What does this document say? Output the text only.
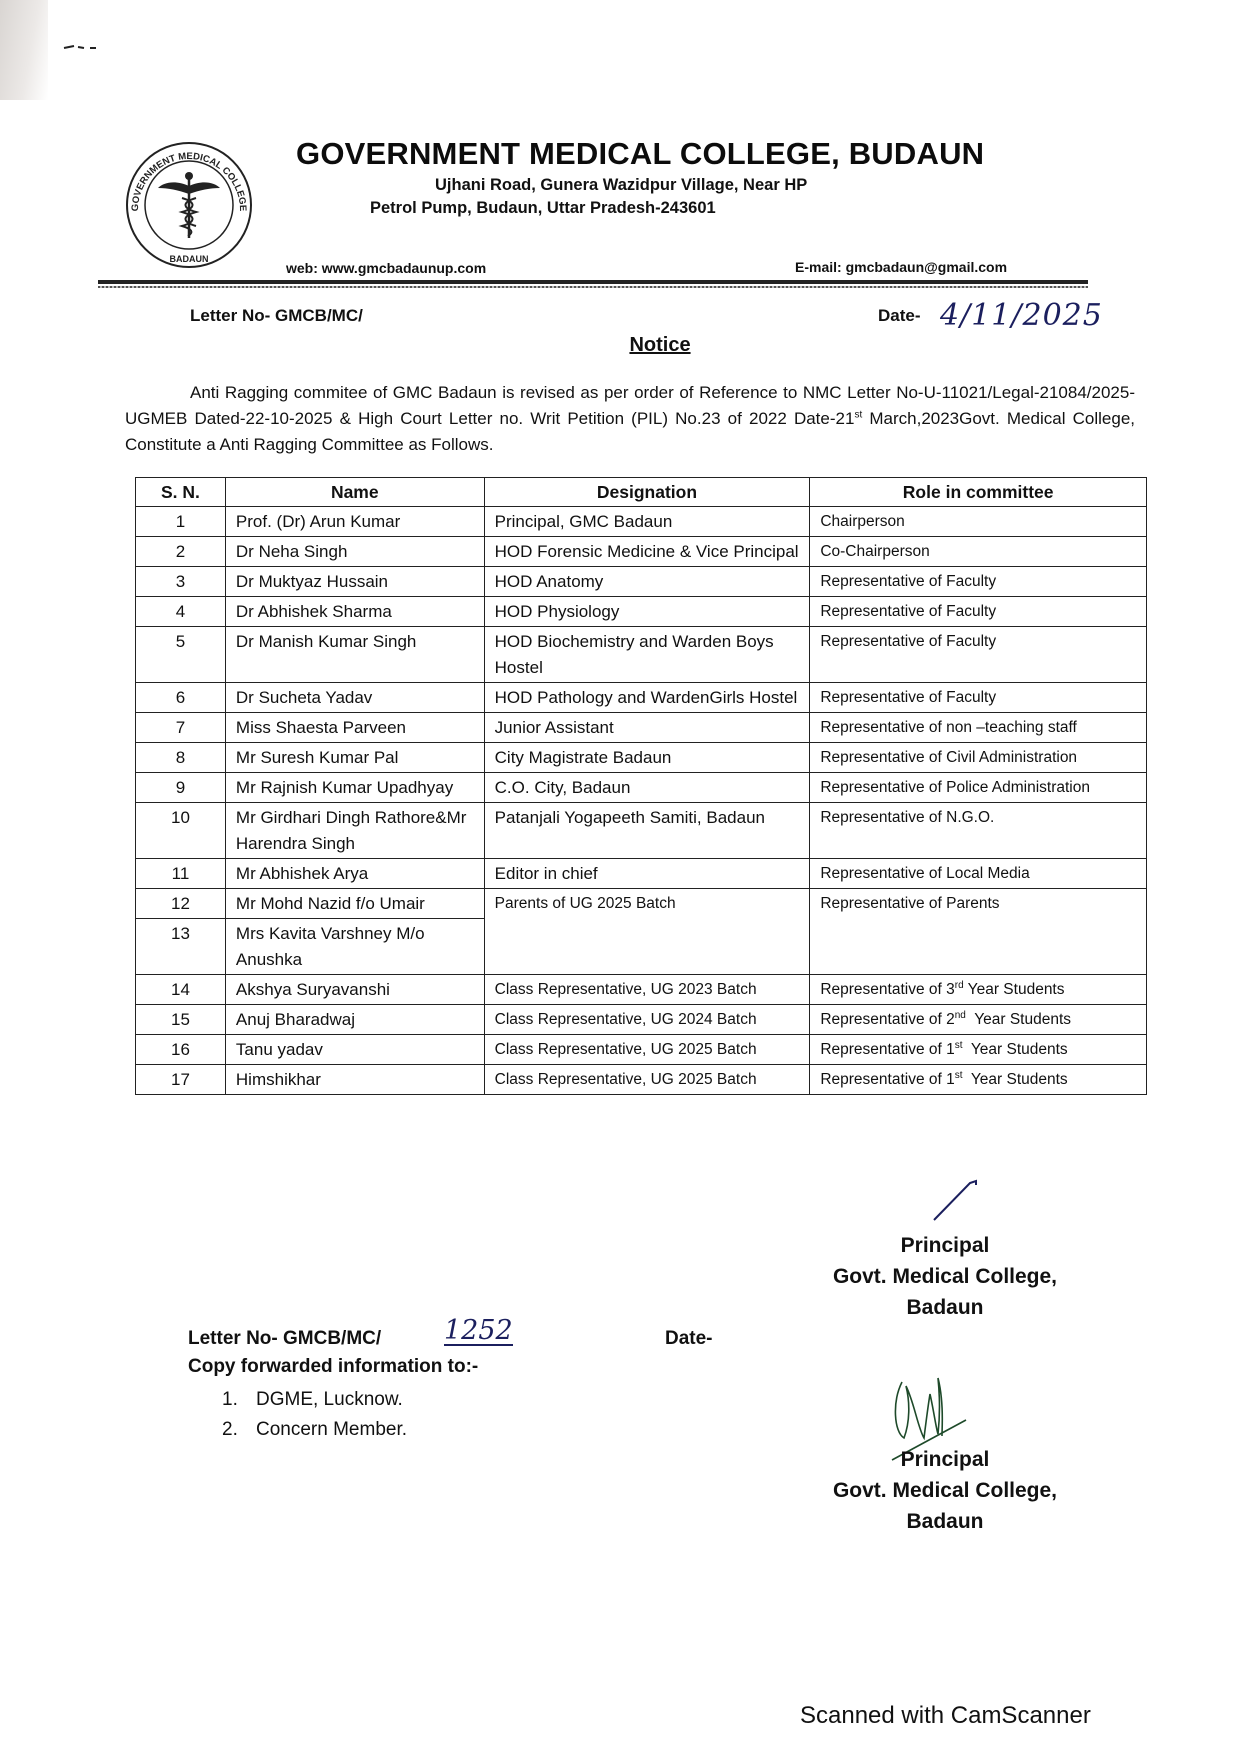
GOVERNMENT MEDICAL COLLEGE
BADAUN
GOVERNMENT MEDICAL COLLEGE, BUDAUN
Ujhani Road, Gunera Wazidpur Village, Near HP
Petrol Pump, Budaun, Uttar Pradesh-243601
web: www.gmcbadaunup.com	E-mail: gmcbadaun@gmail.com
Letter No- GMCB/MC/	Date- 4/11/2025
Notice

Anti Ragging commitee of GMC Badaun is revised as per order of Reference to NMC Letter No-U-11021/Legal-21084/2025-UGMEB Dated-22-10-2025 & High Court Letter no. Writ Petition (PIL) No.23 of 2022 Date-21st March,2023Govt. Medical College, Constitute a Anti Ragging Committee as Follows.

S. N.	Name	Designation	Role in committee
1	Prof. (Dr) Arun Kumar	Principal, GMC Badaun	Chairperson
2	Dr Neha Singh	HOD Forensic Medicine & Vice Principal	Co-Chairperson
3	Dr Muktyaz Hussain	HOD Anatomy	Representative of Faculty
4	Dr Abhishek Sharma	HOD Physiology	Representative of Faculty
5	Dr Manish Kumar Singh	HOD Biochemistry and Warden Boys Hostel	Representative of Faculty
6	Dr Sucheta Yadav	HOD Pathology and WardenGirls Hostel	Representative of Faculty
7	Miss Shaesta Parveen	Junior Assistant	Representative of non –teaching staff
8	Mr Suresh Kumar Pal	City Magistrate Badaun	Representative of Civil Administration
9	Mr Rajnish Kumar Upadhyay	C.O. City, Badaun	Representative of Police Administration
10	Mr Girdhari Dingh Rathore&Mr Harendra Singh	Patanjali Yogapeeth Samiti, Badaun	Representative of N.G.O.
11	Mr Abhishek Arya	Editor in chief	Representative of Local Media
12	Mr Mohd Nazid f/o Umair	Parents of UG 2025 Batch	Representative of Parents
13	Mrs Kavita Varshney M/o Anushka		
14	Akshya Suryavanshi	Class Representative, UG 2023 Batch	Representative of 3rd Year Students
15	Anuj Bharadwaj	Class Representative, UG 2024 Batch	Representative of 2nd  Year Students
16	Tanu yadav	Class Representative, UG 2025 Batch	Representative of 1st  Year Students
17	Himshikhar	Class Representative, UG 2025 Batch	Representative of 1st  Year Students
Principal
Govt. Medical College,
Badaun
Letter No- GMCB/MC/ 1252	Date-
Copy forwarded information to:-
1. DGME, Lucknow.
2. Concern Member.
Principal
Govt. Medical College,
Badaun
Scanned with CamScanner
